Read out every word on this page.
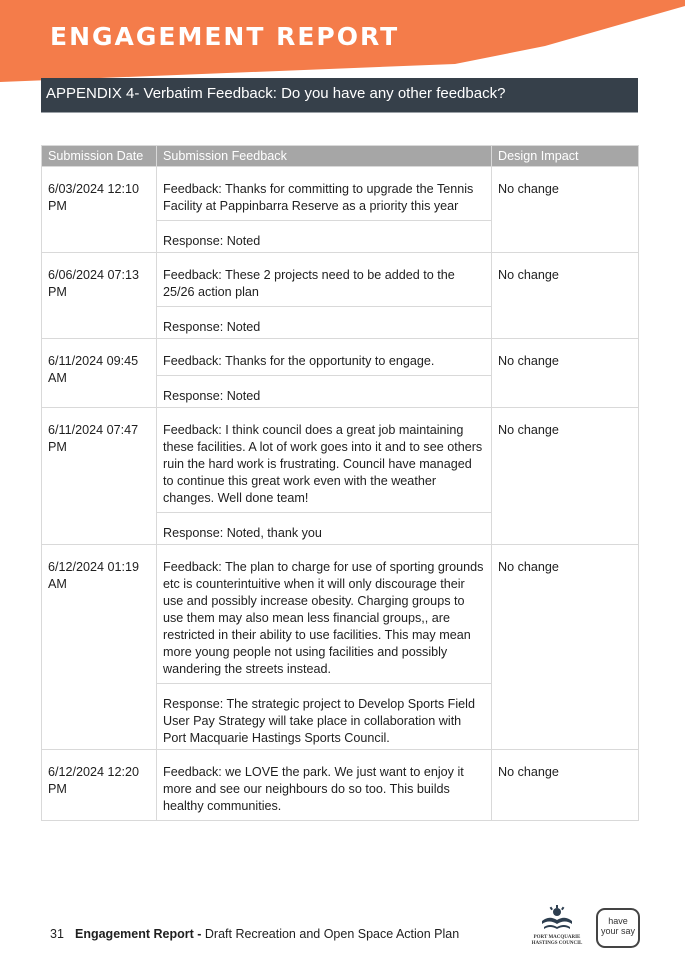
ENGAGEMENT REPORT
APPENDIX 4- Verbatim Feedback: Do you have any other feedback?
Submission Date	Submission Feedback	Design Impact
6/03/2024 12:10 PM	Feedback: Thanks for committing to upgrade the Tennis Facility at Pappinbarra Reserve as a priority this year	No change
	Response: Noted	
6/06/2024 07:13 PM	Feedback: These 2 projects need to be added to the 25/26 action plan	No change
	Response: Noted	
6/11/2024 09:45 AM	Feedback: Thanks for the opportunity to engage.	No change
	Response: Noted	
6/11/2024 07:47 PM	Feedback: I think council does a great job maintaining these facilities. A lot of work goes into it and to see others ruin the hard work is frustrating. Council have managed to continue this great work even with the weather changes. Well done team!	No change
	Response: Noted, thank you	
6/12/2024 01:19 AM	Feedback: The plan to charge for use of sporting grounds etc is counterintuitive when it will only discourage their use and possibly increase obesity. Charging groups to use them may also mean less financial groups,, are restricted in their ability to use facilities. This may mean more young people not using facilities and possibly wandering the streets instead.	No change
	Response: The strategic project to Develop Sports Field User Pay Strategy will take place in collaboration with Port Macquarie Hastings Sports Council.	
6/12/2024 12:20 PM	Feedback: we LOVE the park. We just want to enjoy it more and see our neighbours do so too. This builds healthy communities.	No change
31 Engagement Report - Draft Recreation and Open Space Action Plan	PORT MACQUARIE HASTINGS COUNCIL
have
your say
